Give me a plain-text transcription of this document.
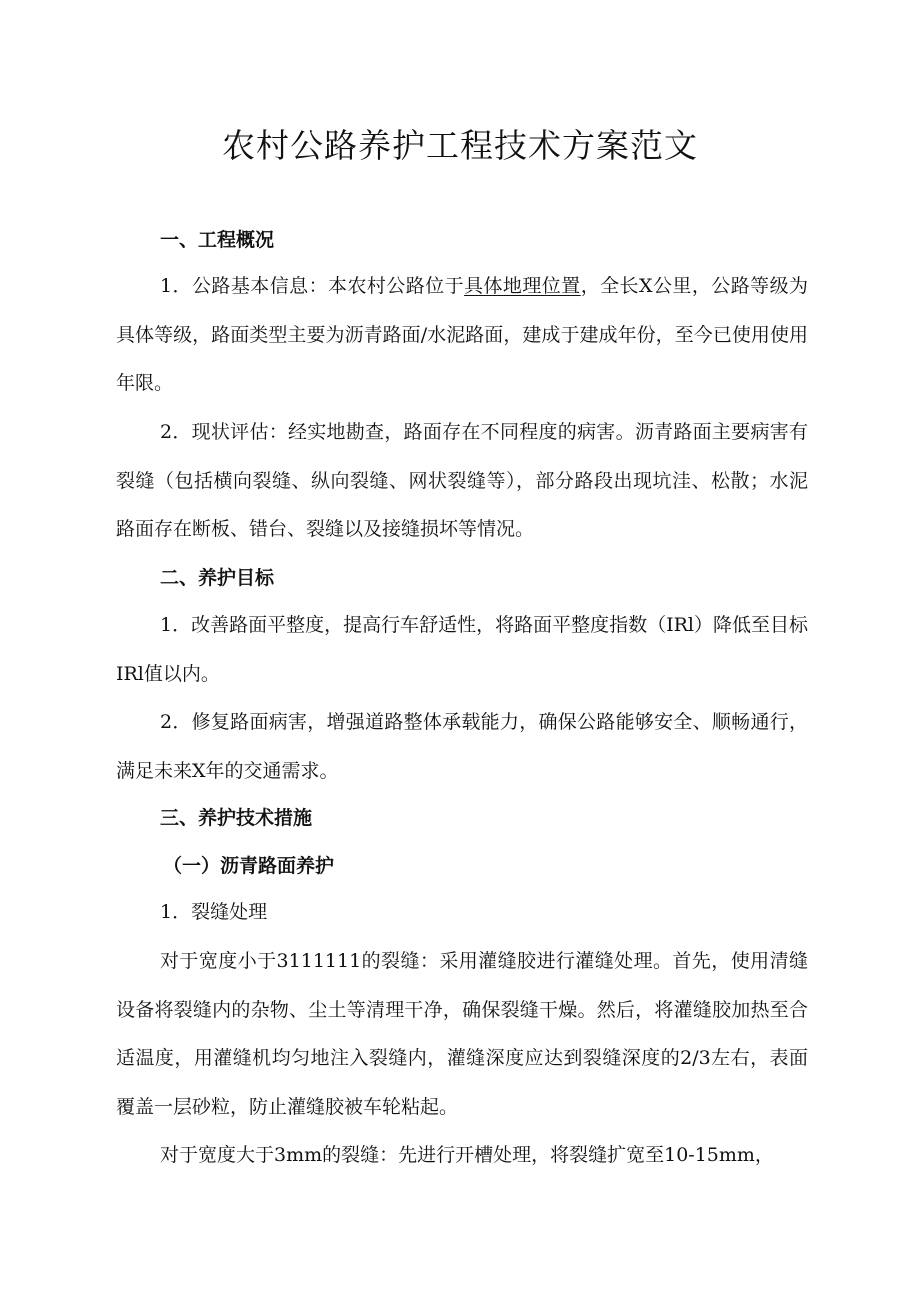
农村公路养护工程技术方案范文
一、工程概况

1．公路基本信息：本农村公路位于具体地理位置，全长X公里，公路等级为具体等级，路面类型主要为沥青路面/水泥路面，建成于建成年份，至今已使用使用年限。

2．现状评估：经实地勘查，路面存在不同程度的病害。沥青路面主要病害有裂缝（包括横向裂缝、纵向裂缝、网状裂缝等），部分路段出现坑洼、松散；水泥路面存在断板、错台、裂缝以及接缝损坏等情况。

二、养护目标

1．改善路面平整度，提高行车舒适性，将路面平整度指数（IRl）降低至目标IRl值以内。

2．修复路面病害，增强道路整体承载能力，确保公路能够安全、顺畅通行，满足未来X年的交通需求。

三、养护技术措施
（一）沥青路面养护

1．裂缝处理

对于宽度小于3111111的裂缝：采用灌缝胶进行灌缝处理。首先，使用清缝设备将裂缝内的杂物、尘土等清理干净，确保裂缝干燥。然后，将灌缝胶加热至合适温度，用灌缝机均匀地注入裂缝内，灌缝深度应达到裂缝深度的2/3左右，表面覆盖一层砂粒，防止灌缝胶被车轮粘起。

对于宽度大于3mm的裂缝：先进行开槽处理，将裂缝扩宽至10-15mm，
